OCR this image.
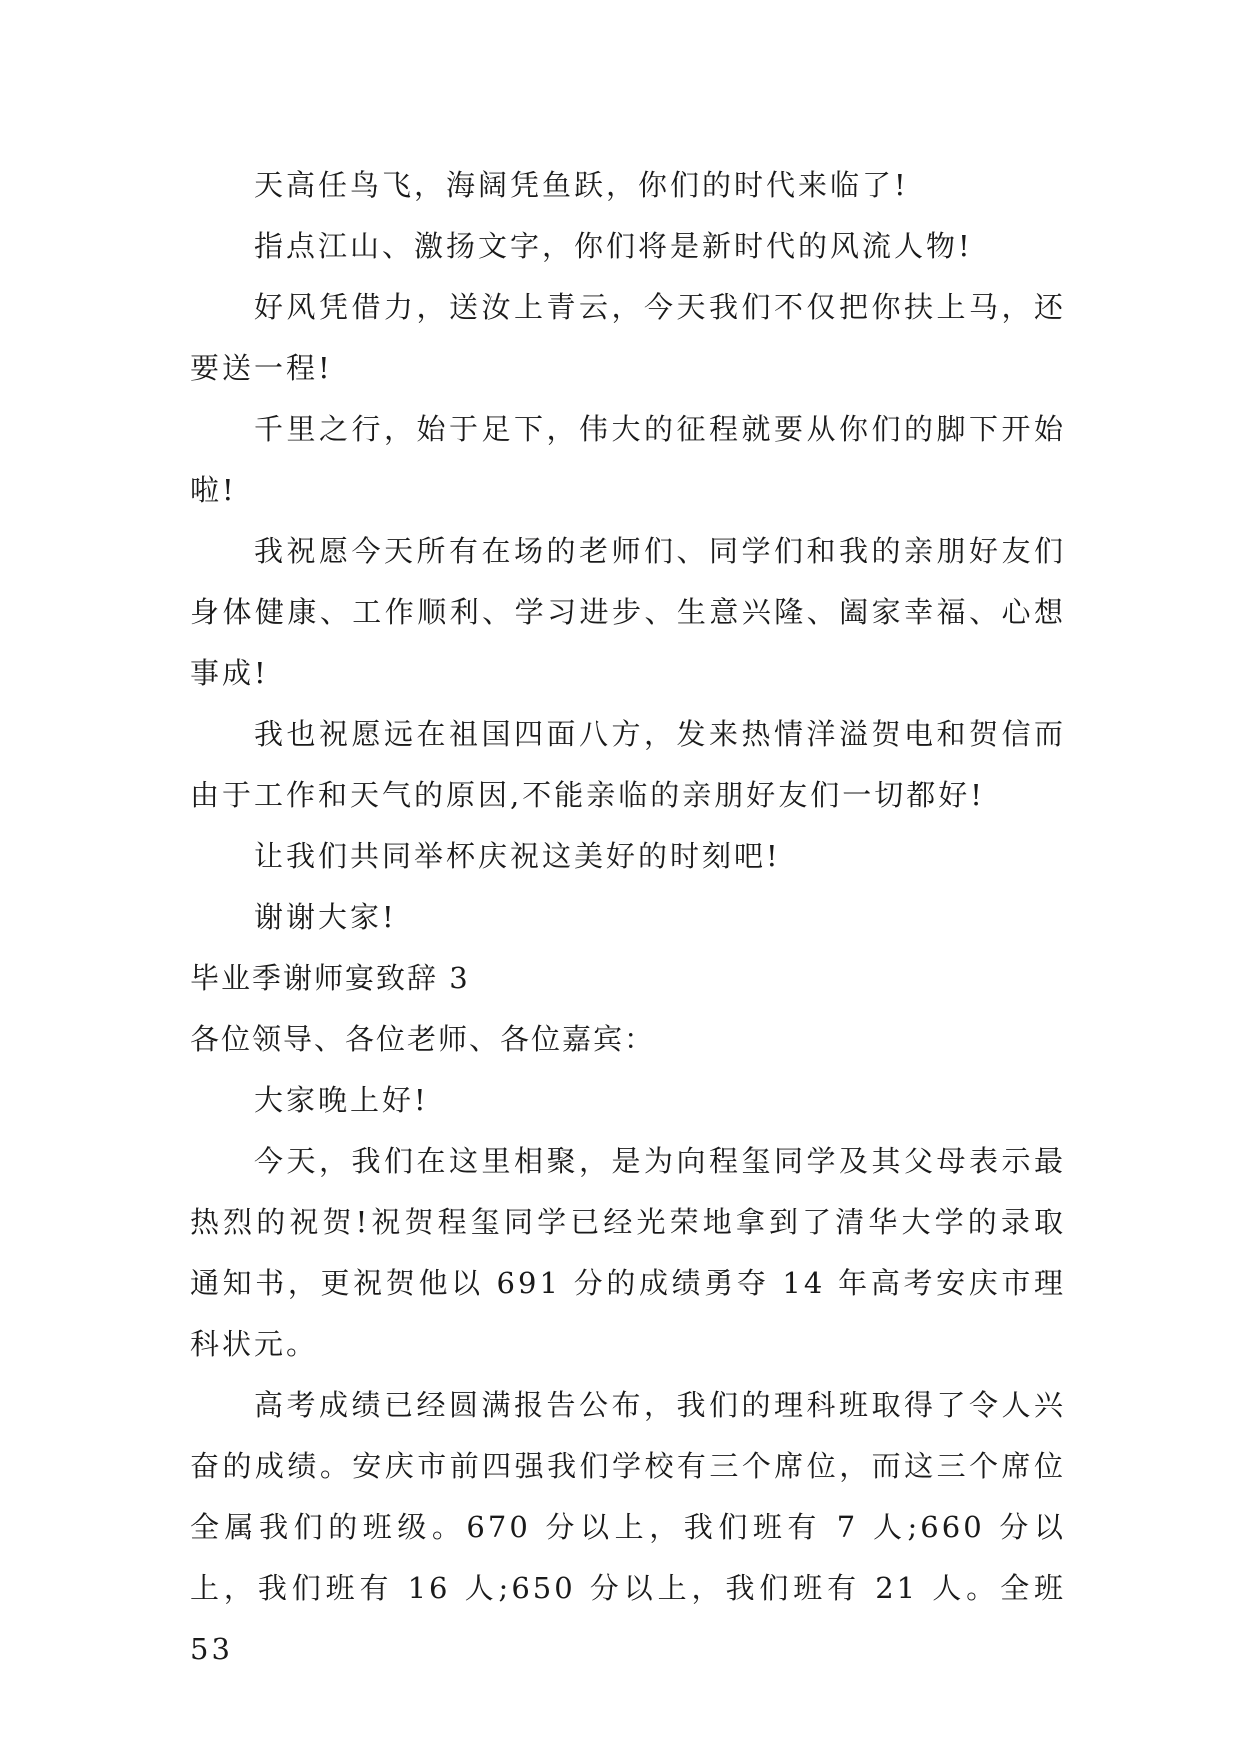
天高任鸟飞，海阔凭鱼跃，你们的时代来临了!

指点江山、激扬文字，你们将是新时代的风流人物!

好风凭借力，送汝上青云，今天我们不仅把你扶上马，还要送一程!

千里之行，始于足下，伟大的征程就要从你们的脚下开始啦!

我祝愿今天所有在场的老师们、同学们和我的亲朋好友们身体健康、工作顺利、学习进步、生意兴隆、阖家幸福、心想事成!

我也祝愿远在祖国四面八方，发来热情洋溢贺电和贺信而由于工作和天气的原因,不能亲临的亲朋好友们一切都好!

让我们共同举杯庆祝这美好的时刻吧!

谢谢大家!

毕业季谢师宴致辞 3

各位领导、各位老师、各位嘉宾：

大家晚上好!

今天，我们在这里相聚，是为向程玺同学及其父母表示最热烈的祝贺!祝贺程玺同学已经光荣地拿到了清华大学的录取通知书，更祝贺他以 691 分的成绩勇夺 14 年高考安庆市理科状元。

高考成绩已经圆满报告公布，我们的理科班取得了令人兴奋的成绩。安庆市前四强我们学校有三个席位，而这三个席位全属我们的班级。670 分以上，我们班有 7 人;660 分以上，我们班有 16 人;650 分以上，我们班有 21 人。全班 53
